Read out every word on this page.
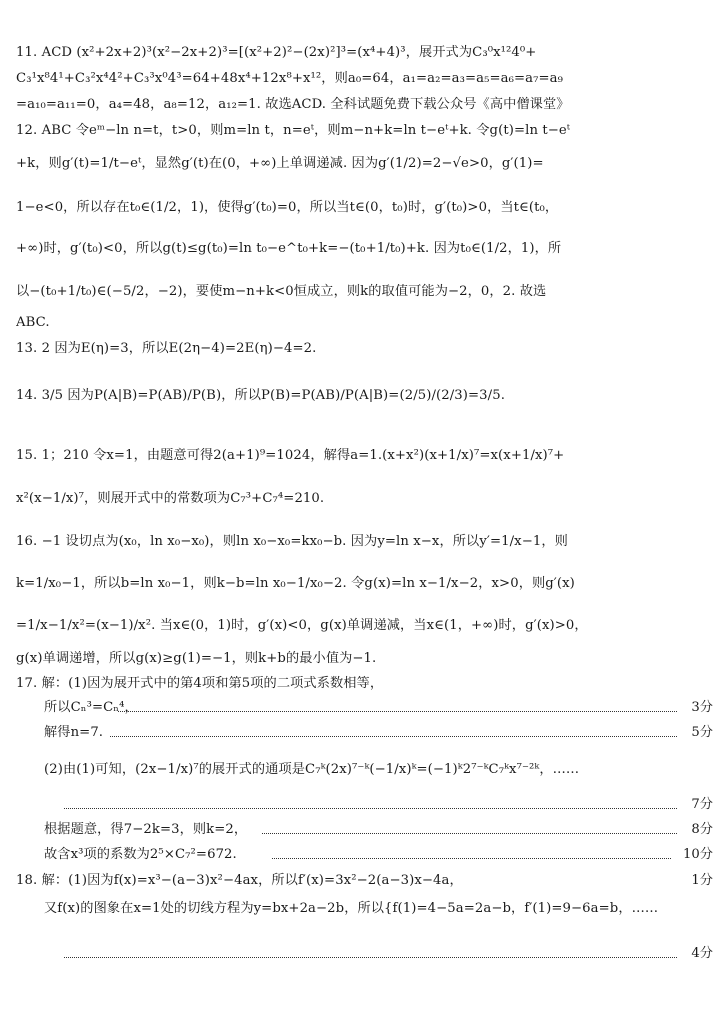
11. ACD (x²+2x+2)³(x²−2x+2)³=[(x²+2)²−(2x)²]³=(x⁴+4)³，展开式为C₃⁰x¹²4⁰+
C₃¹x⁸4¹+C₃²x⁴4²+C₃³x⁰4³=64+48x⁴+12x⁸+x¹²，则a₀=64，a₁=a₂=a₃=a₅=a₆=a₇=a₉
=a₁₀=a₁₁=0，a₄=48，a₈=12，a₁₂=1. 故选ACD. 全科试题免费下载公众号《高中僧课堂》
12. ABC 令eᵐ−ln n=t，t>0，则m=ln t，n=eᵗ，则m−n+k=ln t−eᵗ+k. 令g(t)=ln t−eᵗ
+k，则g′(t)=1/t−eᵗ，显然g′(t)在(0，+∞)上单调递减. 因为g′(1/2)=2−√e>0，g′(1)=
1−e<0，所以存在t₀∈(1/2，1)，使得g′(t₀)=0，所以当t∈(0，t₀)时，g′(t₀)>0，当t∈(t₀，
+∞)时，g′(t₀)<0，所以g(t)≤g(t₀)=ln t₀−e^t₀+k=−(t₀+1/t₀)+k. 因为t₀∈(1/2，1)，所
以−(t₀+1/t₀)∈(−5/2，−2)，要使m−n+k<0恒成立，则k的取值可能为−2，0，2. 故选
ABC.
13. 2 因为E(η)=3，所以E(2η−4)=2E(η)−4=2.
14. 3/5 因为P(A|B)=P(AB)/P(B)，所以P(B)=P(AB)/P(A|B)=(2/5)/(2/3)=3/5.
15. 1；210 令x=1，由题意可得2(a+1)⁹=1024，解得a=1.(x+x²)(x+1/x)⁷=x(x+1/x)⁷+
x²(x−1/x)⁷，则展开式中的常数项为C₇³+C₇⁴=210.
16. −1 设切点为(x₀，ln x₀−x₀)，则ln x₀−x₀=kx₀−b. 因为y=ln x−x，所以y′=1/x−1，则
k=1/x₀−1，所以b=ln x₀−1，则k−b=ln x₀−1/x₀−2. 令g(x)=ln x−1/x−2，x>0，则g′(x)
=1/x−1/x²=(x−1)/x². 当x∈(0，1)时，g′(x)<0，g(x)单调递减，当x∈(1，+∞)时，g′(x)>0，
g(x)单调递增，所以g(x)≥g(1)=−1，则k+b的最小值为−1.
17. 解：(1)因为展开式中的第4项和第5项的二项式系数相等，
所以Cₙ³=Cₙ⁴，	3分
解得n=7.	5分
(2)由(1)可知，(2x−1/x)⁷的展开式的通项是C₇ᵏ(2x)⁷⁻ᵏ(−1/x)ᵏ=(−1)ᵏ2⁷⁻ᵏC₇ᵏx⁷⁻²ᵏ，……
7分
根据题意，得7−2k=3，则k=2，	8分
故含x³项的系数为2⁵×C₇²=672.	10分
18. 解：(1)因为f(x)=x³−(a−3)x²−4ax，所以f′(x)=3x²−2(a−3)x−4a，	1分
又f(x)的图象在x=1处的切线方程为y=bx+2a−2b，所以{f(1)=4−5a=2a−b，f′(1)=9−6a=b，……
4分
